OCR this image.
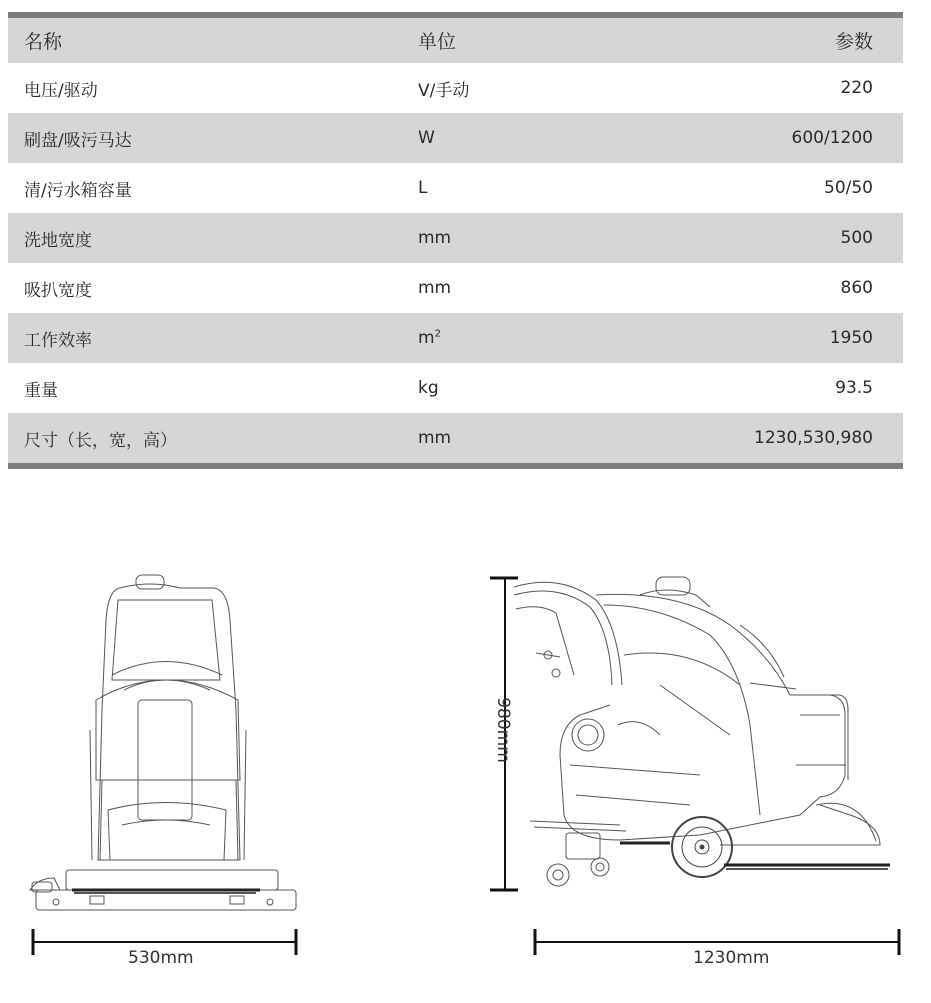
名称	单位	参数
电压/驱动	V/手动	220
刷盘/吸污马达	W	600/1200
清/污水箱容量	L	50/50
洗地宽度	mm	500
吸扒宽度	mm	860
工作效率	$m^2$	1950
重量	kg	93.5
尺寸（长，宽，高）	mm	1230,530,980
530mm
980mm
1230mm
